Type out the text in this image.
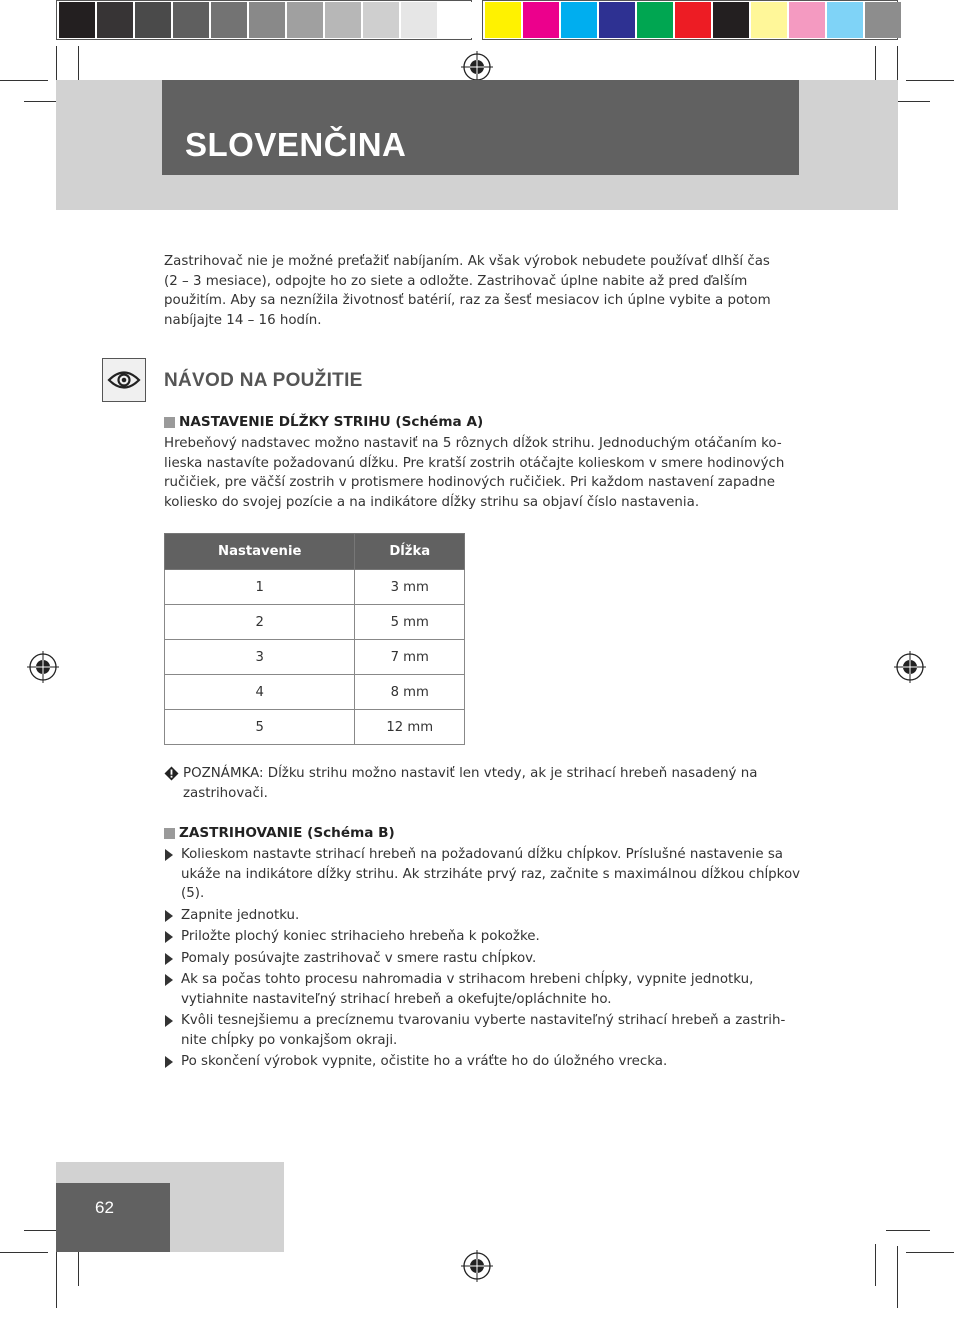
SLOVENČINA
Zastrihovač nie je možné preťažiť nabíjaním. Ak však výrobok nebudete používať dlhší čas
(2 – 3 mesiace), odpojte ho zo siete a odložte. Zastrihovač úplne nabite až pred ďalším
použitím. Aby sa neznížila životnosť batérií, raz za šesť mesiacov ich úplne vybite a potom
nabíjajte 14 – 16 hodín.
NÁVOD NA POUŽITIE
NASTAVENIE DĹŽKY STRIHU
(Schéma A)
Hrebeňový nadstavec možno nastaviť na 5 rôznych dĺžok strihu. Jednoduchým otáčaním ko-
lieska nastavíte požadovanú dĺžku. Pre kratší zostrih otáčajte kolieskom v smere hodinových
ručičiek, pre väčší zostrih v protismere hodinových ručičiek. Pri každom nastavení zapadne
koliesko do svojej pozície a na indikátore dĺžky strihu sa objaví číslo nastavenia.
Nastavenie	Dĺžka
1	3 mm
2	5 mm
3	7 mm
4	8 mm
5	12 mm
POZNÁMKA: Dĺžku strihu možno nastaviť len vtedy, ak je strihací hrebeň nasadený na
zastrihovači.
ZASTRIHOVANIE
(Schéma B)
Kolieskom nastavte strihací hrebeň na požadovanú dĺžku chĺpkov. Príslušné nastavenie sa ukáže na indikátore dĺžky strihu. Ak strziháte prvý raz, začnite s maximálnou dĺžkou chĺpkov (5).
Zapnite jednotku.
Priložte plochý koniec strihacieho hrebeňa k pokožke.
Pomaly posúvajte zastrihovač v smere rastu chĺpkov.
Ak sa počas tohto procesu nahromadia v strihacom hrebeni chĺpky, vypnite jednotku, vytiahnite nastaviteľný strihací hrebeň a okefujte/opláchnite ho.
Kvôli tesnejšiemu a precíznemu tvarovaniu vyberte nastaviteľný strihací hrebeň a zastrih-nite chĺpky po vonkajšom okraji.
Po skončení výrobok vypnite, očistite ho a vráťte ho do úložného vrecka.
62
